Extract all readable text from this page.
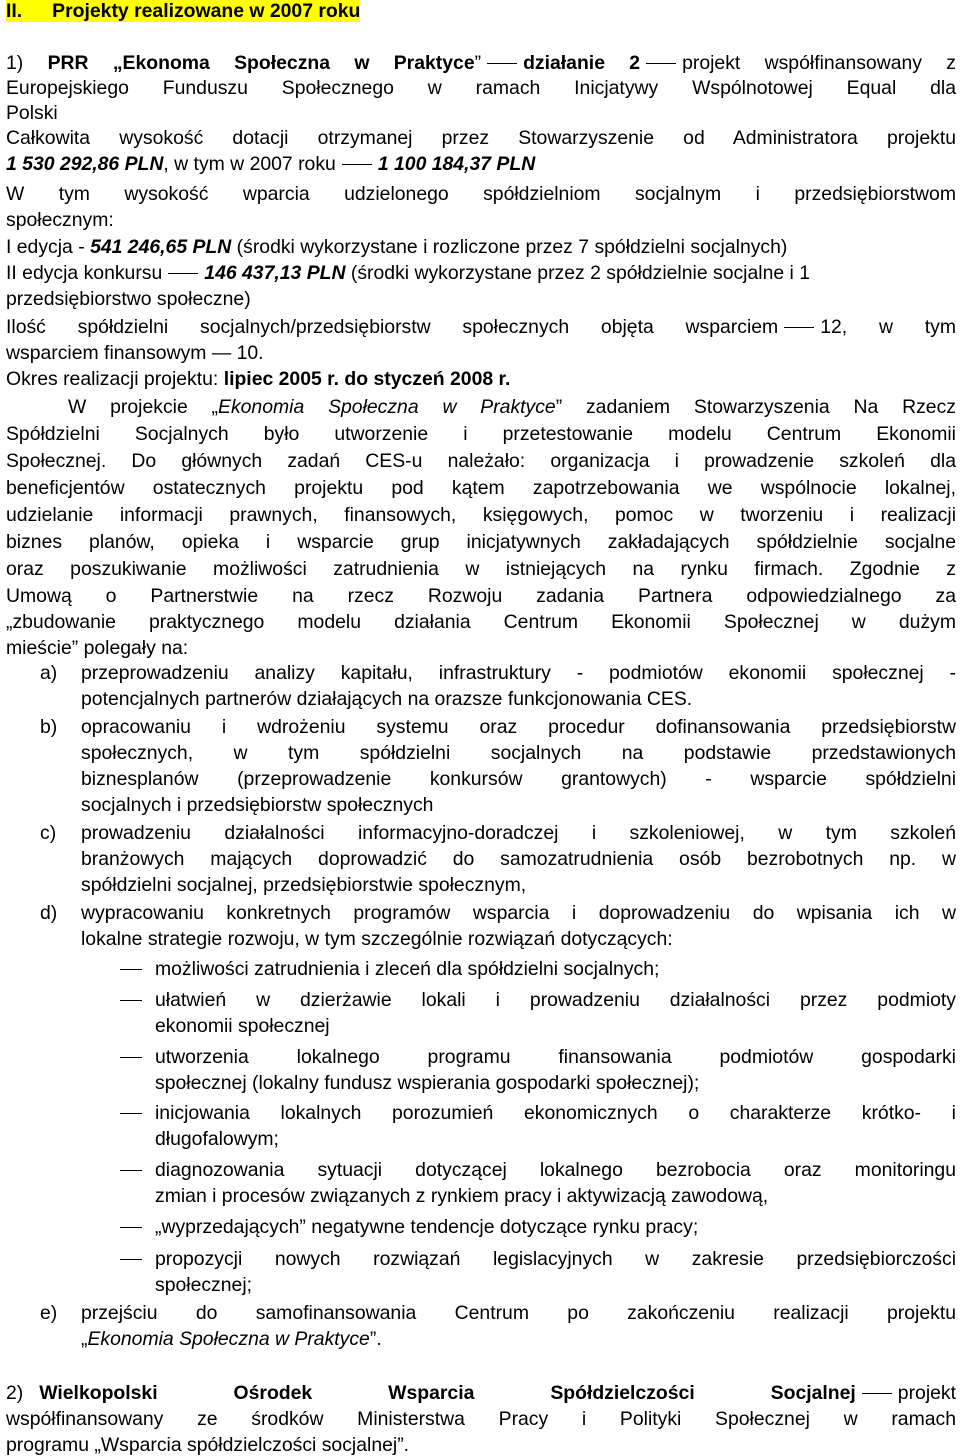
II. Projekty realizowane w 2007 roku
1) PRR „Ekonoma Społeczna w Praktyce” działanie 2 projekt współfinansowany z
Europejskiego Funduszu Społecznego w ramach Inicjatywy Wspólnotowej Equal dla
Polski
Całkowita wysokość dotacji otrzymanej przez Stowarzyszenie od Administratora projektu
1 530 292,86 PLN, w tym w 2007 roku 1 100 184,37 PLN
W tym wysokość wparcia udzielonego spółdzielniom socjalnym i przedsiębiorstwom
społecznym:
I edycja - 541 246,65 PLN (środki wykorzystane i rozliczone przez 7 spółdzielni socjalnych)
II edycja konkursu 146 437,13 PLN (środki wykorzystane przez 2 spółdzielnie socjalne i 1
przedsiębiorstwo społeczne)
Ilość spółdzielni socjalnych/przedsiębiorstw społecznych objęta wsparciem 12, w tym
wsparciem finansowym — 10.
Okres realizacji projektu: lipiec 2005 r. do styczeń 2008 r.
W projekcie „Ekonomia Społeczna w Praktyce” zadaniem Stowarzyszenia Na Rzecz
Spółdzielni Socjalnych było utworzenie i przetestowanie modelu Centrum Ekonomii
Społecznej. Do głównych zadań CES-u należało: organizacja i prowadzenie szkoleń dla
beneficjentów ostatecznych projektu pod kątem zapotrzebowania we wspólnocie lokalnej,
udzielanie informacji prawnych, finansowych, księgowych, pomoc w tworzeniu i realizacji
biznes planów, opieka i wsparcie grup inicjatywnych zakładających spółdzielnie socjalne
oraz poszukiwanie możliwości zatrudnienia w istniejących na rynku firmach. Zgodnie z
Umową o Partnerstwie na rzecz Rozwoju zadania Partnera odpowiedzialnego za
„zbudowanie praktycznego modelu działania Centrum Ekonomii Społecznej w dużym
mieście” polegały na:
a) przeprowadzeniu analizy kapitału, infrastruktury - podmiotów ekonomii społecznej -
potencjalnych partnerów działających na orazsze funkcjonowania CES.
b) opracowaniu i wdrożeniu systemu oraz procedur dofinansowania przedsiębiorstw
społecznych, w tym spółdzielni socjalnych na podstawie przedstawionych
biznesplanów (przeprowadzenie konkursów grantowych) - wsparcie spółdzielni
socjalnych i przedsiębiorstw społecznych
c) prowadzeniu działalności informacyjno-doradczej i szkoleniowej, w tym szkoleń
branżowych mających doprowadzić do samozatrudnienia osób bezrobotnych np. w
spółdzielni socjalnej, przedsiębiorstwie społecznym,
d) wypracowaniu konkretnych programów wsparcia i doprowadzeniu do wpisania ich w
lokalne strategie rozwoju, w tym szczególnie rozwiązań dotyczących:
możliwości zatrudnienia i zleceń dla spółdzielni socjalnych;
ułatwień w dzierżawie lokali i prowadzeniu działalności przez podmioty
ekonomii społecznej
utworzenia lokalnego programu finansowania podmiotów gospodarki
społecznej (lokalny fundusz wspierania gospodarki społecznej);
inicjowania lokalnych porozumień ekonomicznych o charakterze krótko- i
długofalowym;
diagnozowania sytuacji dotyczącej lokalnego bezrobocia oraz monitoringu
zmian i procesów związanych z rynkiem pracy i aktywizacją zawodową,
„wyprzedających” negatywne tendencje dotyczące rynku pracy;
propozycji nowych rozwiązań legislacyjnych w zakresie przedsiębiorczości
społecznej;
e) przejściu do samofinansowania Centrum po zakończeniu realizacji projektu
„Ekonomia Społeczna w Praktyce”.
2) Wielkopolski Ośrodek Wsparcia Spółdzielczości Socjalnej projekt
współfinansowany ze środków Ministerstwa Pracy i Polityki Społecznej w ramach
programu „Wsparcia spółdzielczości socjalnej”.
